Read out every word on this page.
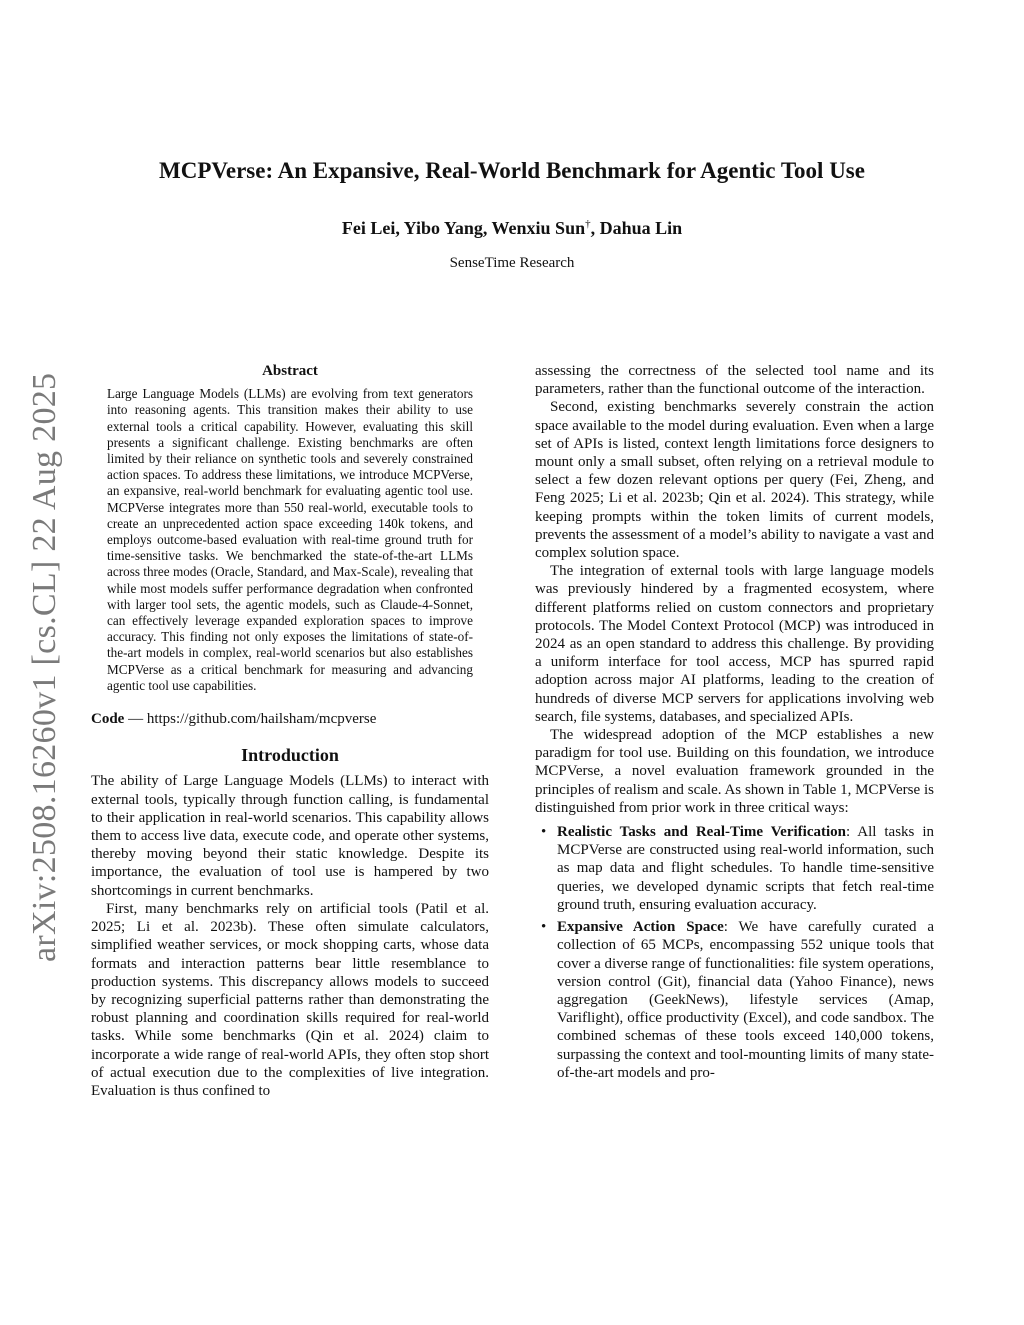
arXiv:2508.16260v1 [cs.CL] 22 Aug 2025
MCPVerse: An Expansive, Real-World Benchmark for Agentic Tool Use
Fei Lei, Yibo Yang, Wenxiu Sun†, Dahua Lin
SenseTime Research
Abstract

Large Language Models (LLMs) are evolving from text generators into reasoning agents. This transition makes their ability to use external tools a critical capability. However, evaluating this skill presents a significant challenge. Existing benchmarks are often limited by their reliance on synthetic tools and severely constrained action spaces. To address these limitations, we introduce MCPVerse, an expansive, real-world benchmark for evaluating agentic tool use. MCPVerse integrates more than 550 real-world, executable tools to create an unprecedented action space exceeding 140k tokens, and employs outcome-based evaluation with real-time ground truth for time-sensitive tasks. We benchmarked the state-of-the-art LLMs across three modes (Oracle, Standard, and Max-Scale), revealing that while most models suffer performance degradation when confronted with larger tool sets, the agentic models, such as Claude-4-Sonnet, can effectively leverage expanded exploration spaces to improve accuracy. This finding not only exposes the limitations of state-of-the-art models in complex, real-world scenarios but also establishes MCPVerse as a critical benchmark for measuring and advancing agentic tool use capabilities.

Code — https://github.com/hailsham/mcpverse

Introduction

The ability of Large Language Models (LLMs) to interact with external tools, typically through function calling, is fundamental to their application in real-world scenarios. This capability allows them to access live data, execute code, and operate other systems, thereby moving beyond their static knowledge. Despite its importance, the evaluation of tool use is hampered by two shortcomings in current benchmarks.

First, many benchmarks rely on artificial tools (Patil et al. 2025; Li et al. 2023b). These often simulate calculators, simplified weather services, or mock shopping carts, whose data formats and interaction patterns bear little resemblance to production systems. This discrepancy allows models to succeed by recognizing superficial patterns rather than demonstrating the robust planning and coordination skills required for real-world tasks. While some benchmarks (Qin et al. 2024) claim to incorporate a wide range of real-world APIs, they often stop short of actual execution due to the complexities of live integration. Evaluation is thus confined to

assessing the correctness of the selected tool name and its parameters, rather than the functional outcome of the interaction.

Second, existing benchmarks severely constrain the action space available to the model during evaluation. Even when a large set of APIs is listed, context length limitations force designers to mount only a small subset, often relying on a retrieval module to select a few dozen relevant options per query (Fei, Zheng, and Feng 2025; Li et al. 2023b; Qin et al. 2024). This strategy, while keeping prompts within the token limits of current models, prevents the assessment of a model’s ability to navigate a vast and complex solution space.

The integration of external tools with large language models was previously hindered by a fragmented ecosystem, where different platforms relied on custom connectors and proprietary protocols. The Model Context Protocol (MCP) was introduced in 2024 as an open standard to address this challenge. By providing a uniform interface for tool access, MCP has spurred rapid adoption across major AI platforms, leading to the creation of hundreds of diverse MCP servers for applications involving web search, file systems, databases, and specialized APIs.

The widespread adoption of the MCP establishes a new paradigm for tool use. Building on this foundation, we introduce MCPVerse, a novel evaluation framework grounded in the principles of realism and scale. As shown in Table 1, MCPVerse is distinguished from prior work in three critical ways:

• Realistic Tasks and Real-Time Verification: All tasks in MCPVerse are constructed using real-world information, such as map data and flight schedules. To handle time-sensitive queries, we developed dynamic scripts that fetch real-time ground truth, ensuring evaluation accuracy.
• Expansive Action Space: We have carefully curated a collection of 65 MCPs, encompassing 552 unique tools that cover a diverse range of functionalities: file system operations, version control (Git), financial data (Yahoo Finance), news aggregation (GeekNews), lifestyle services (Amap, Variflight), office productivity (Excel), and code sandbox. The combined schemas of these tools exceed 140,000 tokens, surpassing the context and tool-mounting limits of many state-of-the-art models and pro-
